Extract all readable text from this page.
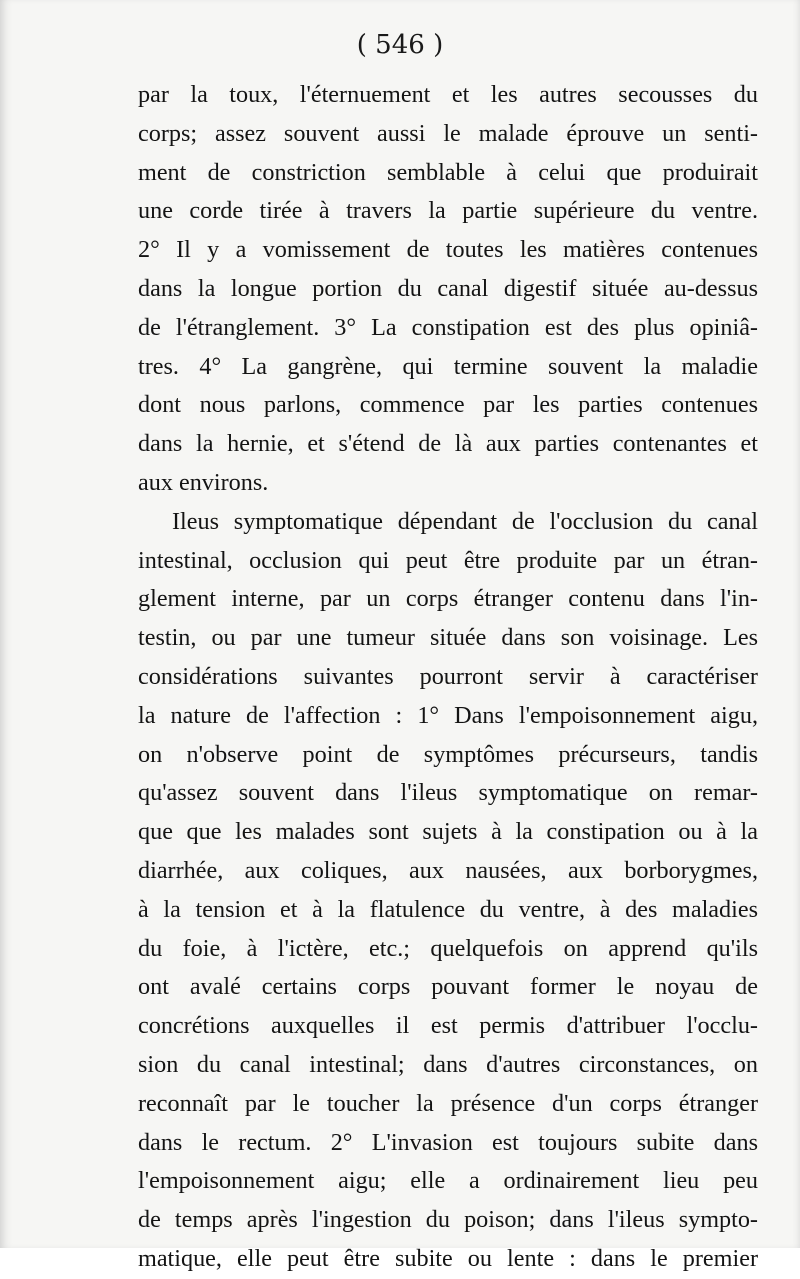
( 546 )
par la toux, l'éternuement et les autres secousses du
corps; assez souvent aussi le malade éprouve un senti-
ment de constriction semblable à celui que produirait
une corde tirée à travers la partie supérieure du ventre.
2° Il y a vomissement de toutes les matières contenues
dans la longue portion du canal digestif située au-dessus
de l'étranglement. 3° La constipation est des plus opiniâ-
tres. 4° La gangrène, qui termine souvent la maladie
dont nous parlons, commence par les parties contenues
dans la hernie, et s'étend de là aux parties contenantes et
aux environs.
Ileus symptomatique dépendant de l'occlusion du canal
intestinal, occlusion qui peut être produite par un étran-
glement interne, par un corps étranger contenu dans l'in-
testin, ou par une tumeur située dans son voisinage. Les
considérations suivantes pourront servir à caractériser
la nature de l'affection : 1° Dans l'empoisonnement aigu,
on n'observe point de symptômes précurseurs, tandis
qu'assez souvent dans l'ileus symptomatique on remar-
que que les malades sont sujets à la constipation ou à la
diarrhée, aux coliques, aux nausées, aux borborygmes,
à la tension et à la flatulence du ventre, à des maladies
du foie, à l'ictère, etc.; quelquefois on apprend qu'ils
ont avalé certains corps pouvant former le noyau de
concrétions auxquelles il est permis d'attribuer l'occlu-
sion du canal intestinal; dans d'autres circonstances, on
reconnaît par le toucher la présence d'un corps étranger
dans le rectum. 2° L'invasion est toujours subite dans
l'empoisonnement aigu; elle a ordinairement lieu peu
de temps après l'ingestion du poison; dans l'ileus sympto-
matique, elle peut être subite ou lente : dans le premier
